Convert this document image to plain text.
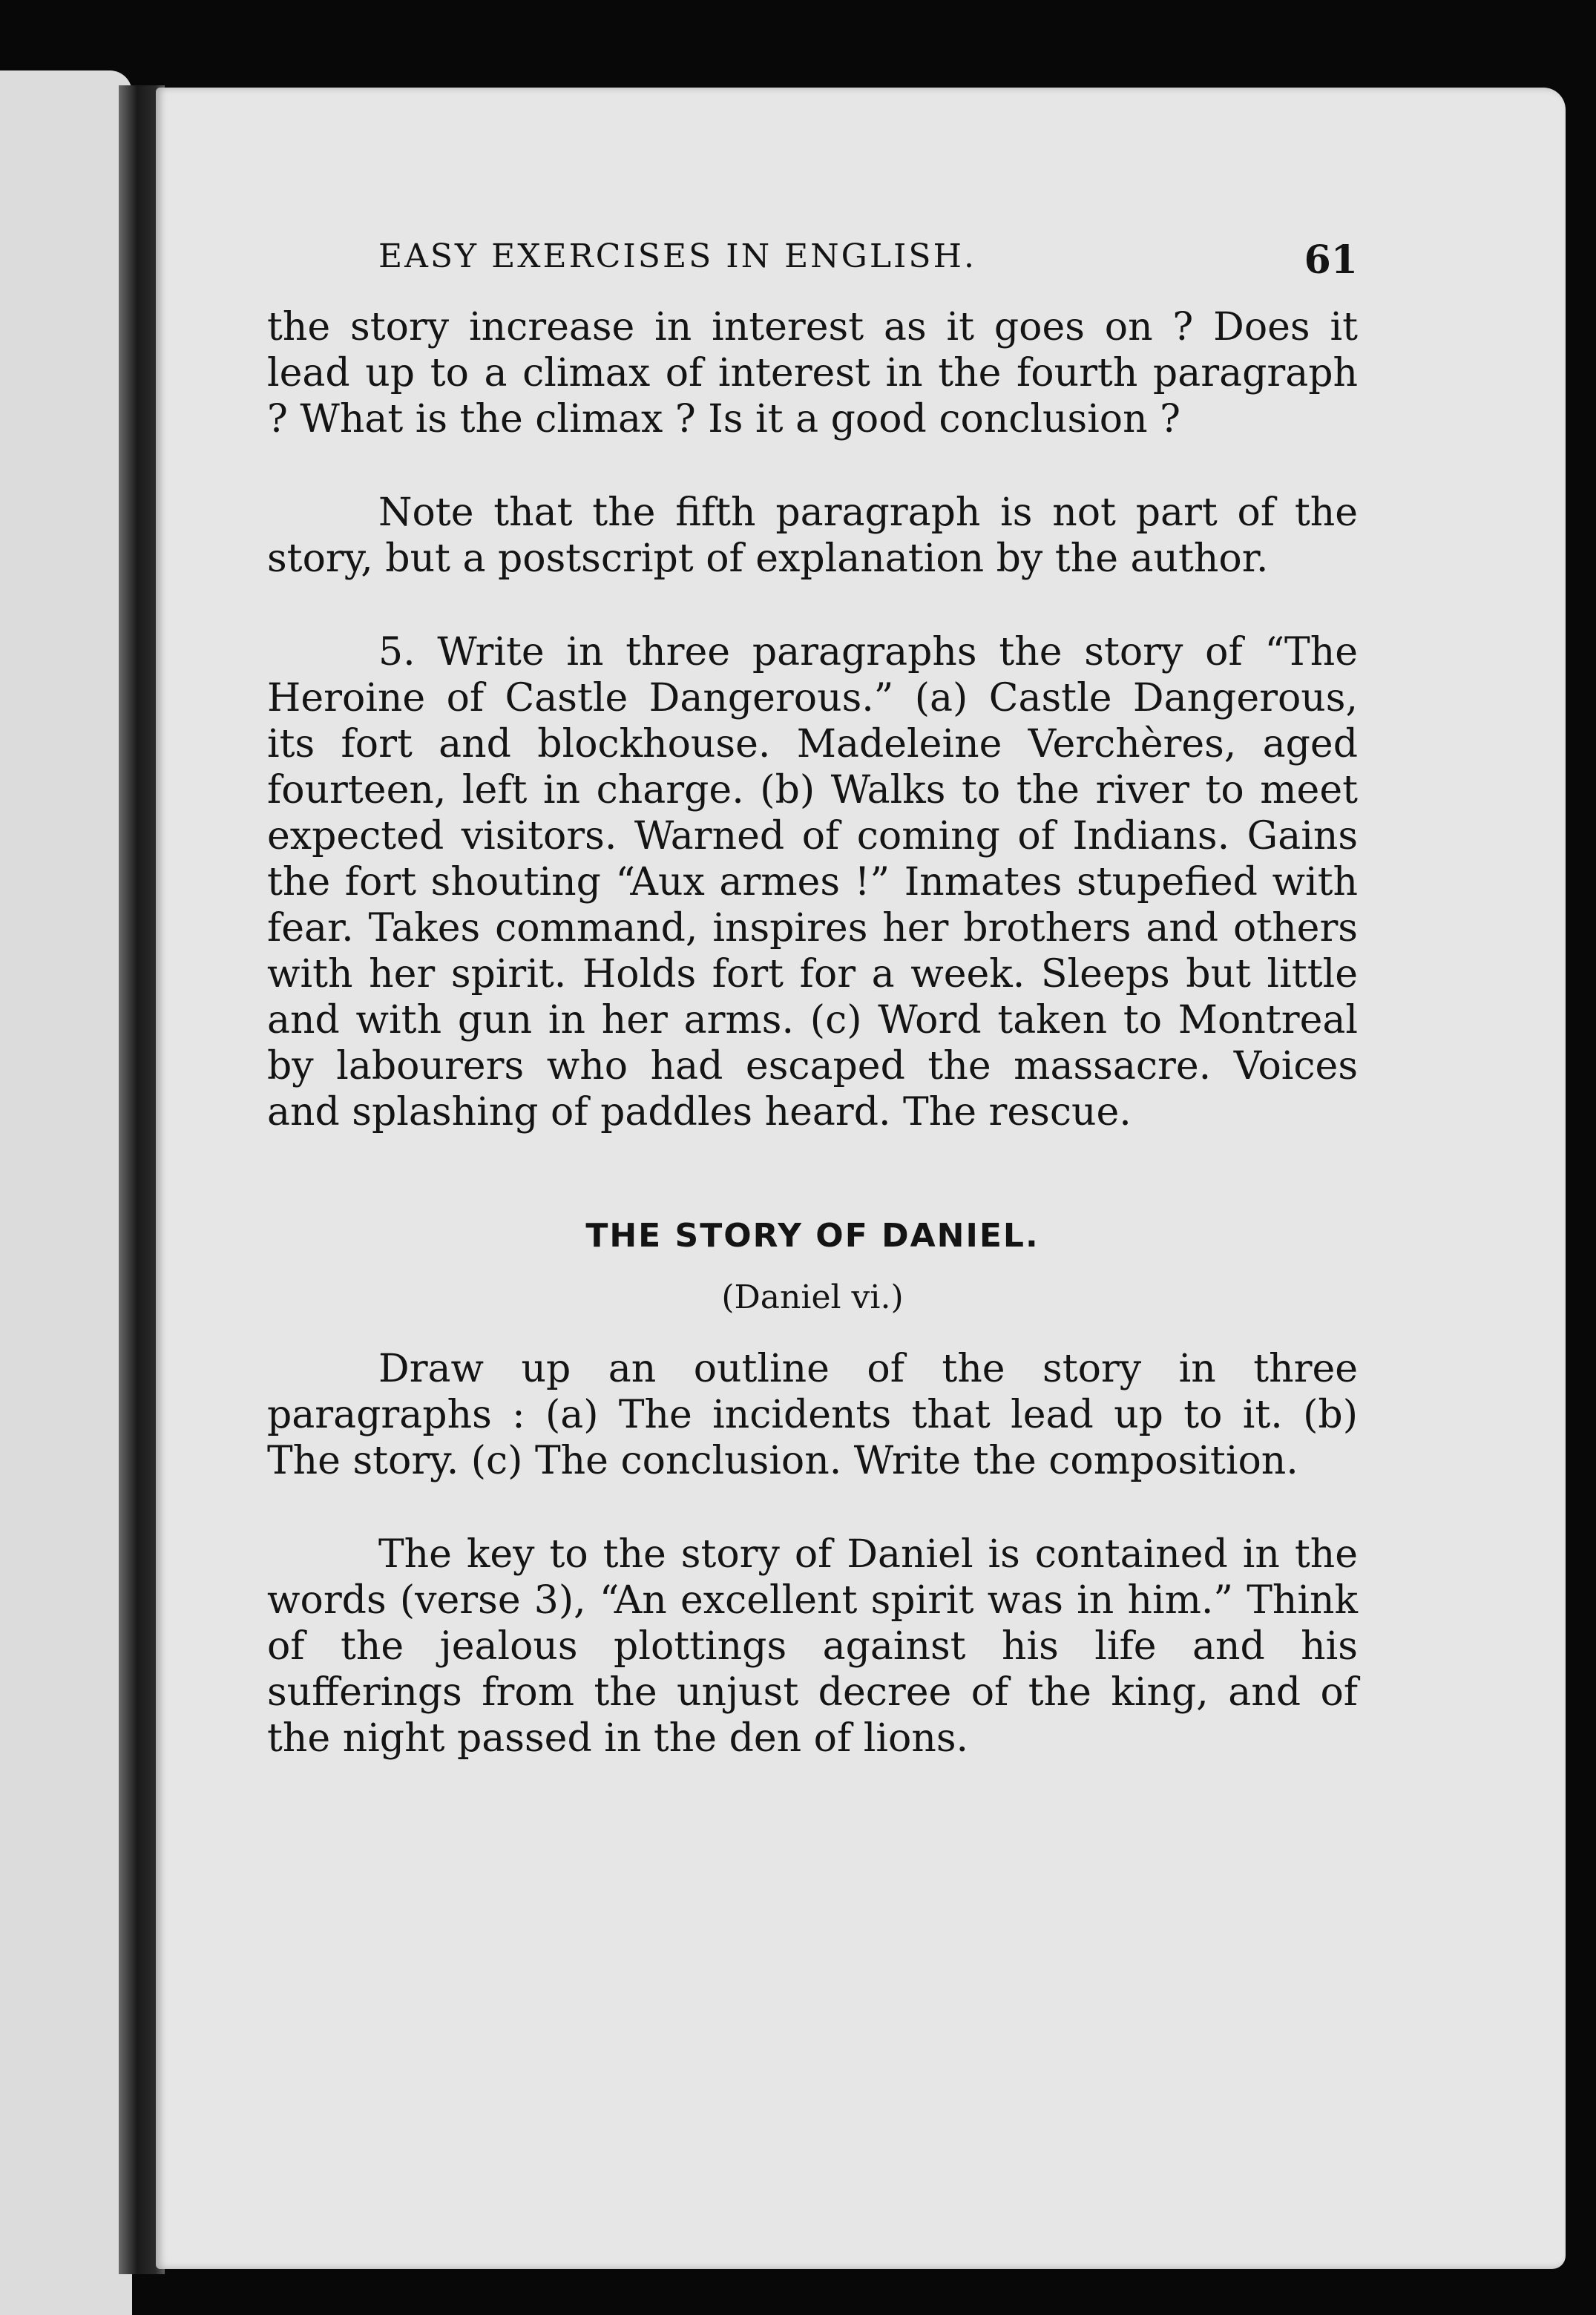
EASY EXERCISES IN ENGLISH.	61

the story increase in interest as it goes on ? Does it lead up to a climax of interest in the fourth paragraph ? What is the climax ? Is it a good conclusion ?

Note that the fifth paragraph is not part of the story, but a postscript of explanation by the author.

5. Write in three paragraphs the story of “The Heroine of Castle Dangerous.” (a) Castle Dangerous, its fort and blockhouse. Madeleine Verchères, aged fourteen, left in charge. (b) Walks to the river to meet expected visitors. Warned of coming of Indians. Gains the fort shouting “Aux armes !” Inmates stupefied with fear. Takes command, inspires her brothers and others with her spirit. Holds fort for a week. Sleeps but little and with gun in her arms. (c) Word taken to Montreal by labourers who had escaped the massacre. Voices and splashing of paddles heard. The rescue.

THE STORY OF DANIEL.
(Daniel vi.)

Draw up an outline of the story in three paragraphs : (a) The incidents that lead up to it. (b) The story. (c) The conclusion. Write the composition.

The key to the story of Daniel is contained in the words (verse 3), “An excellent spirit was in him.” Think of the jealous plottings against his life and his sufferings from the unjust decree of the king, and of the night passed in the den of lions.
